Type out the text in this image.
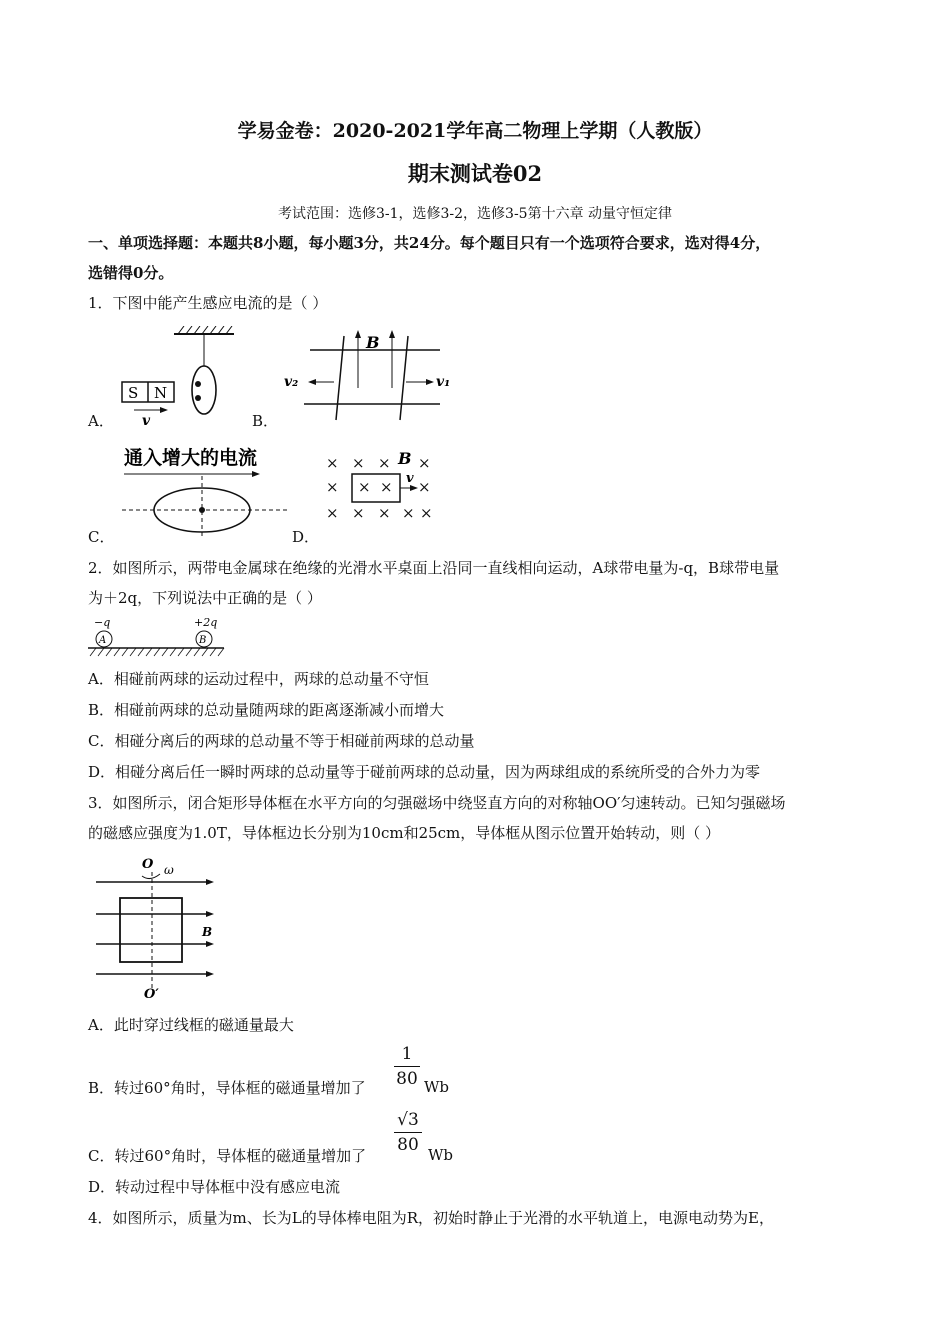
学易金卷：2020-2021学年高二物理上学期（人教版）
期末测试卷02
考试范围：选修3-1，选修3-2，选修3-5第十六章 动量守恒定律
一、单项选择题：本题共8小题，每小题3分，共24分。每个题目只有一个选项符合要求，选对得4分，
选错得0分。
1．下图中能产生感应电流的是（ ）
S N
v
A．
B
v₂	v₁
B．
通入增大的电流
C．
× × × ×
× × × ×
× × × × ×
B
v
D．
2．如图所示，两带电金属球在绝缘的光滑水平桌面上沿同一直线相向运动，A球带电量为-q，B球带电量
为＋2q，下列说法中正确的是（ ）
−q	+2q
A	B
A．相碰前两球的运动过程中，两球的总动量不守恒
B．相碰前两球的总动量随两球的距离逐渐减小而增大
C．相碰分离后的两球的总动量不等于相碰前两球的总动量
D．相碰分离后任一瞬时两球的总动量等于碰前两球的总动量，因为两球组成的系统所受的合外力为零
3．如图所示，闭合矩形导体框在水平方向的匀强磁场中绕竖直方向的对称轴OO′匀速转动。已知匀强磁场
的磁感应强度为1.0T，导体框边长分别为10cm和25cm，导体框从图示位置开始转动，则（ ）
O ω
B
O′
A．此时穿过线框的磁通量最大
B．转过60°角时，导体框的磁通量增加了
1
80 Wb
C．转过60°角时，导体框的磁通量增加了
√3
80 Wb
D．转动过程中导体框中没有感应电流
4．如图所示，质量为m、长为L的导体棒电阻为R，初始时静止于光滑的水平轨道上，电源电动势为E，
